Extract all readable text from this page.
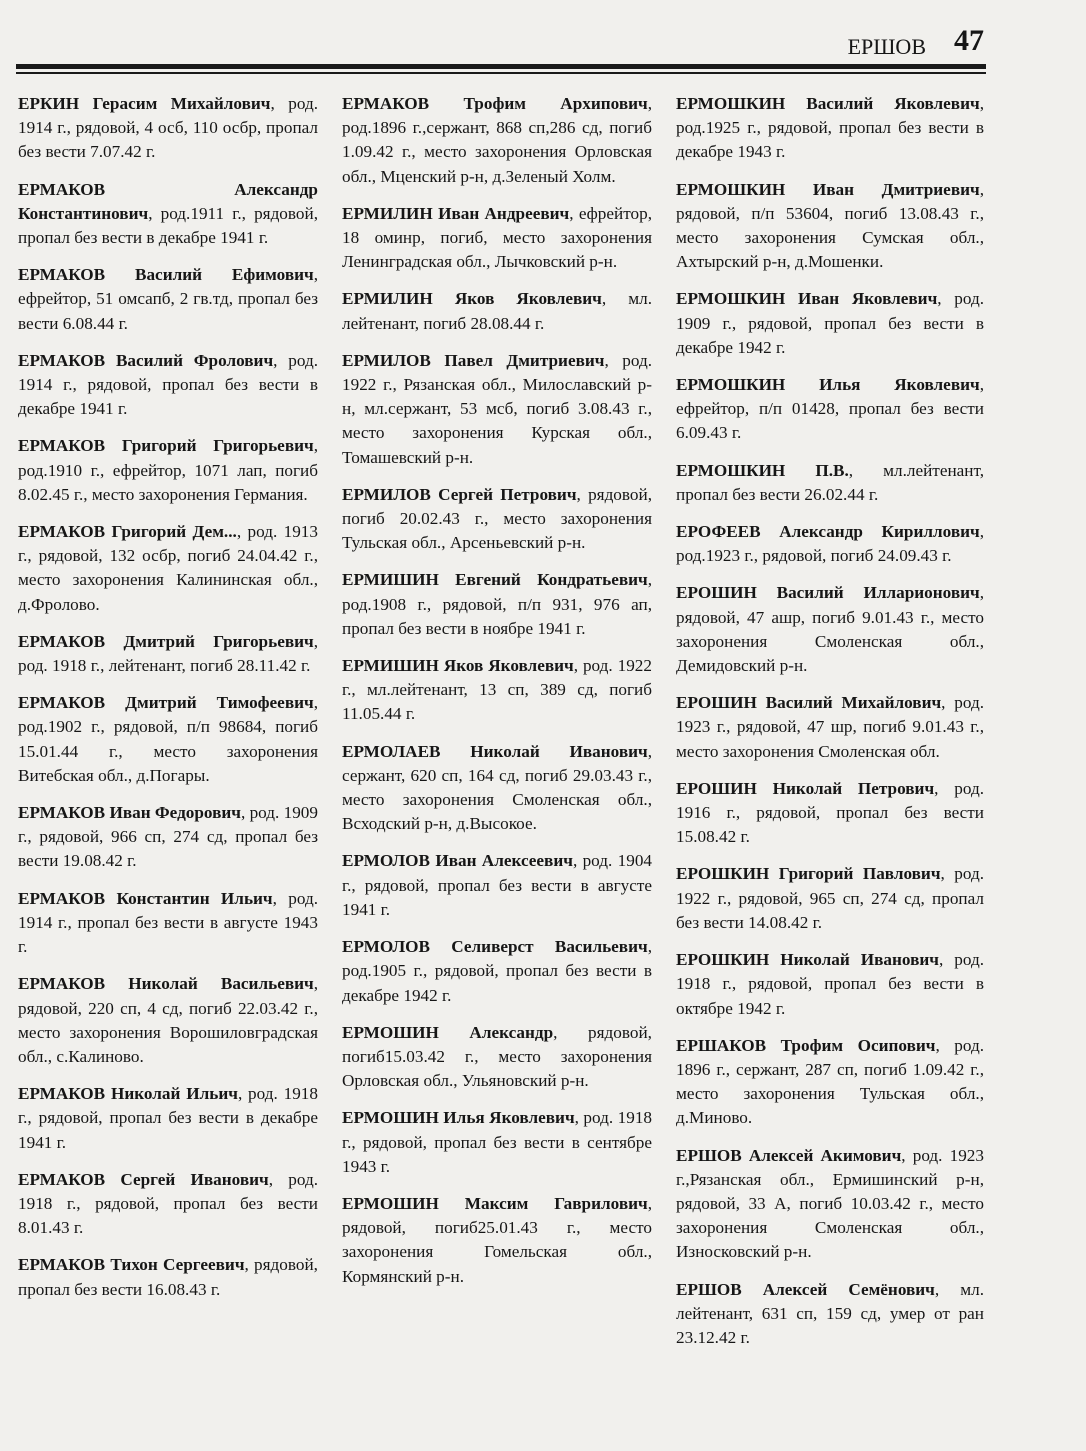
ЕРШОВ 47

ЕРКИН Герасим Михайлович, род. 1914 г., рядовой, 4 осб, 110 осбр, пропал без вести 7.07.42 г.

ЕРМАКОВ Александр Константинович, род.1911 г., рядовой, пропал без вести в декабре 1941 г.

ЕРМАКОВ Василий Ефимович, ефрейтор, 51 омсапб, 2 гв.тд, пропал без вести 6.08.44 г.

ЕРМАКОВ Василий Фролович, род. 1914 г., рядовой, пропал без вести в декабре 1941 г.

ЕРМАКОВ Григорий Григорьевич, род.1910 г., ефрейтор, 1071 лап, погиб 8.02.45 г., место захоронения Германия.

ЕРМАКОВ Григорий Дем..., род. 1913 г., рядовой, 132 осбр, погиб 24.04.42 г., место захоронения Калининская обл., д.Фролово.

ЕРМАКОВ Дмитрий Григорьевич, род. 1918 г., лейтенант, погиб 28.11.42 г.

ЕРМАКОВ Дмитрий Тимофеевич, род.1902 г., рядовой, п/п 98684, погиб 15.01.44 г., место захоронения Витебская обл., д.Погары.

ЕРМАКОВ Иван Федорович, род. 1909 г., рядовой, 966 сп, 274 сд, пропал без вести 19.08.42 г.

ЕРМАКОВ Константин Ильич, род. 1914 г., пропал без вести в августе 1943 г.

ЕРМАКОВ Николай Васильевич, рядовой, 220 сп, 4 сд, погиб 22.03.42 г., место захоронения Ворошиловградская обл., с.Калиново.

ЕРМАКОВ Николай Ильич, род. 1918 г., рядовой, пропал без вести в декабре 1941 г.

ЕРМАКОВ Сергей Иванович, род. 1918 г., рядовой, пропал без вести 8.01.43 г.

ЕРМАКОВ Тихон Сергеевич, рядовой, пропал без вести 16.08.43 г.

ЕРМАКОВ Трофим Архипович, род.1896 г.,сержант, 868 сп,286 сд, погиб 1.09.42 г., место захоронения Орловская обл., Мценский р-н, д.Зеленый Холм.

ЕРМИЛИН Иван Андреевич, ефрейтор, 18 оминр, погиб, место захоронения Ленинградская обл., Лычковский р-н.

ЕРМИЛИН Яков Яковлевич, мл. лейтенант, погиб 28.08.44 г.

ЕРМИЛОВ Павел Дмитриевич, род. 1922 г., Рязанская обл., Милославский р-н, мл.сержант, 53 мсб, погиб 3.08.43 г., место захоронения Курская обл., Томашевский р-н.

ЕРМИЛОВ Сергей Петрович, рядовой, погиб 20.02.43 г., место захоронения Тульская обл., Арсеньевский р-н.

ЕРМИШИН Евгений Кондратьевич, род.1908 г., рядовой, п/п 931, 976 ап, пропал без вести в ноябре 1941 г.

ЕРМИШИН Яков Яковлевич, род. 1922 г., мл.лейтенант, 13 сп, 389 сд, погиб 11.05.44 г.

ЕРМОЛАЕВ Николай Иванович, сержант, 620 сп, 164 сд, погиб 29.03.43 г., место захоронения Смоленская обл., Всходский р-н, д.Высокое.

ЕРМОЛОВ Иван Алексеевич, род. 1904 г., рядовой, пропал без вести в августе 1941 г.

ЕРМОЛОВ Селиверст Васильевич, род.1905 г., рядовой, пропал без вести в декабре 1942 г.

ЕРМОШИН Александр, рядовой, погиб15.03.42 г., место захоронения Орловская обл., Ульяновский р-н.

ЕРМОШИН Илья Яковлевич, род. 1918 г., рядовой, пропал без вести в сентябре 1943 г.

ЕРМОШИН Максим Гаврилович, рядовой, погиб25.01.43 г., место захоронения Гомельская обл., Кормянский р-н.

ЕРМОШКИН Василий Яковлевич, род.1925 г., рядовой, пропал без вести в декабре 1943 г.

ЕРМОШКИН Иван Дмитриевич, рядовой, п/п 53604, погиб 13.08.43 г., место захоронения Сумская обл., Ахтырский р-н, д.Мошенки.

ЕРМОШКИН Иван Яковлевич, род. 1909 г., рядовой, пропал без вести в декабре 1942 г.

ЕРМОШКИН Илья Яковлевич, ефрейтор, п/п 01428, пропал без вести 6.09.43 г.

ЕРМОШКИН П.В., мл.лейтенант, пропал без вести 26.02.44 г.

ЕРОФЕЕВ Александр Кириллович, род.1923 г., рядовой, погиб 24.09.43 г.

ЕРОШИН Василий Илларионович, рядовой, 47 ашр, погиб 9.01.43 г., место захоронения Смоленская обл., Демидовский р-н.

ЕРОШИН Василий Михайлович, род. 1923 г., рядовой, 47 шр, погиб 9.01.43 г., место захоронения Смоленская обл.

ЕРОШИН Николай Петрович, род. 1916 г., рядовой, пропал без вести 15.08.42 г.

ЕРОШКИН Григорий Павлович, род. 1922 г., рядовой, 965 сп, 274 сд, пропал без вести 14.08.42 г.

ЕРОШКИН Николай Иванович, род. 1918 г., рядовой, пропал без вести в октябре 1942 г.

ЕРШАКОВ Трофим Осипович, род. 1896 г., сержант, 287 сп, погиб 1.09.42 г., место захоронения Тульская обл., д.Миново.

ЕРШОВ Алексей Акимович, род. 1923 г.,Рязанская обл., Ермишинский р-н, рядовой, 33 А, погиб 10.03.42 г., место захоронения Смоленская обл., Износковский р-н.

ЕРШОВ Алексей Семёнович, мл. лейтенант, 631 сп, 159 сд, умер от ран 23.12.42 г.
